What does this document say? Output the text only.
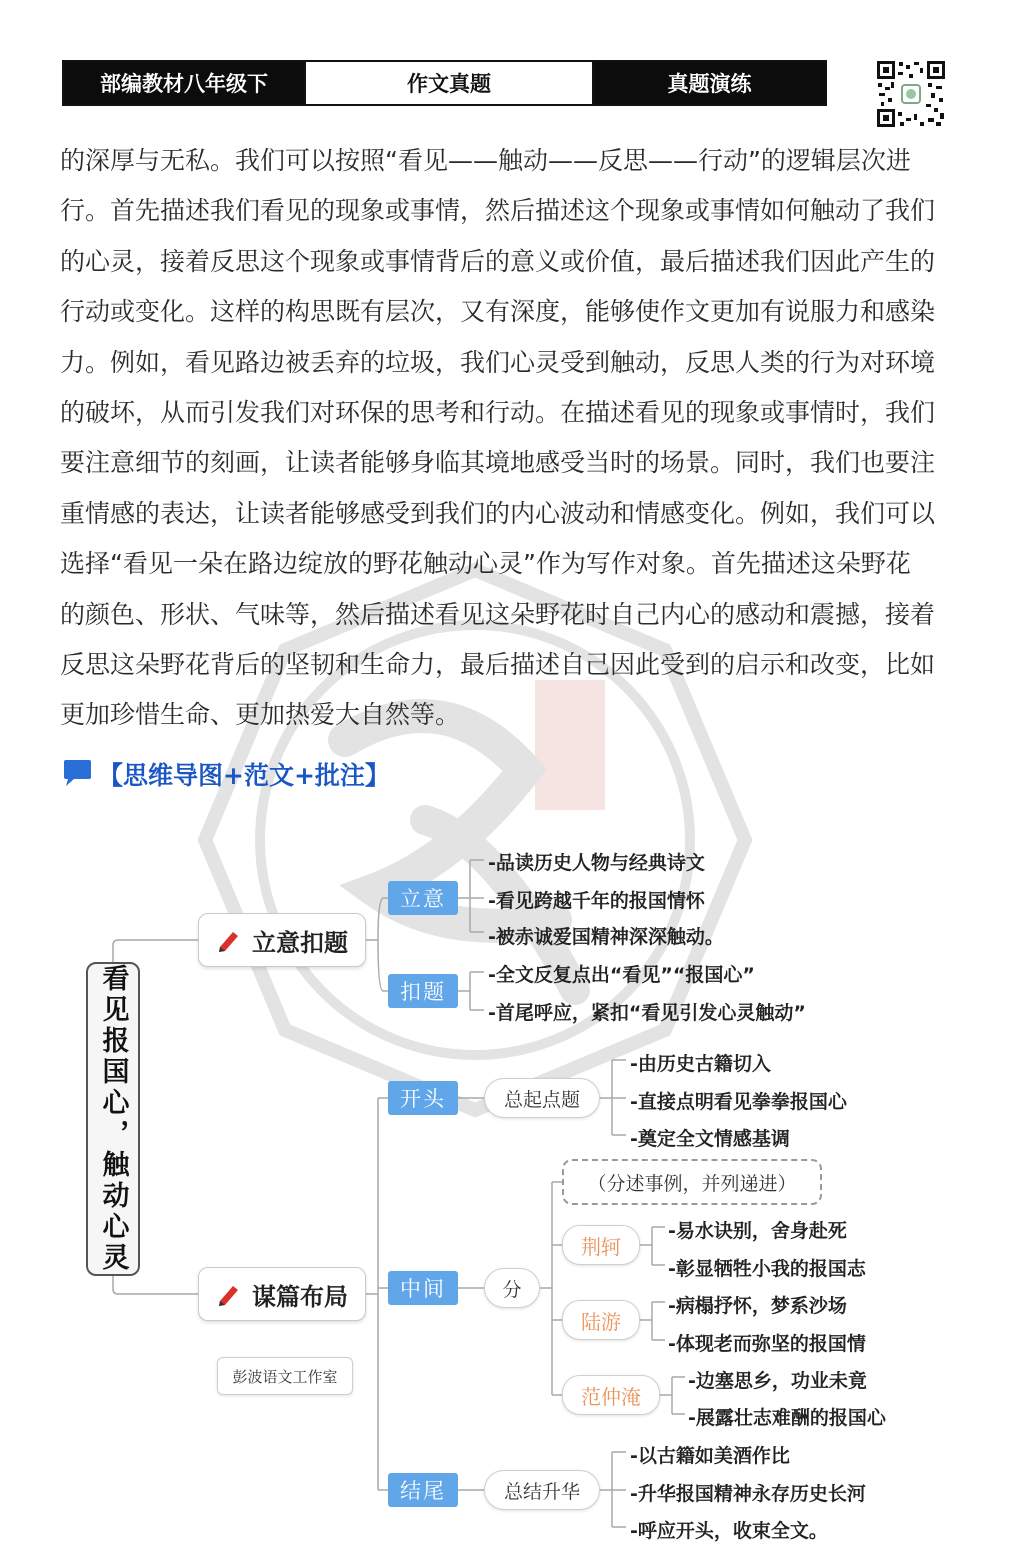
部编教材八年级下	作文真题	真题演练
的深厚与无私。我们可以按照“看见——触动——反思——行动”的逻辑层次进
行。首先描述我们看见的现象或事情，然后描述这个现象或事情如何触动了我们
的心灵，接着反思这个现象或事情背后的意义或价值，最后描述我们因此产生的
行动或变化。这样的构思既有层次，又有深度，能够使作文更加有说服力和感染
力。例如，看见路边被丢弃的垃圾，我们心灵受到触动，反思人类的行为对环境
的破坏，从而引发我们对环保的思考和行动。在描述看见的现象或事情时，我们
要注意细节的刻画，让读者能够身临其境地感受当时的场景。同时，我们也要注
重情感的表达，让读者能够感受到我们的内心波动和情感变化。例如，我们可以
选择“看见一朵在路边绽放的野花触动心灵”作为写作对象。首先描述这朵野花
的颜色、形状、气味等，然后描述看见这朵野花时自己内心的感动和震撼，接着
反思这朵野花背后的坚韧和生命力，最后描述自己因此受到的启示和改变，比如
更加珍惜生命、更加热爱大自然等。
【思维导图+范文+批注】
看见报国心，触动心灵
立意扣题
立意
-品读历史人物与经典诗文
-看见跨越千年的报国情怀
-被赤诚爱国精神深深触动。
扣题
-全文反复点出“看见”“报国心”
-首尾呼应，紧扣“看见引发心灵触动”
谋篇布局
开头	总起点题
-由历史古籍切入
-直接点明看见拳拳报国心
-奠定全文情感基调
中间	分
（分述事例，并列递进）
荆轲
-易水诀别，舍身赴死
-彰显牺牲小我的报国志
陆游
-病榻抒怀，梦系沙场
-体现老而弥坚的报国情
范仲淹
-边塞思乡，功业未竟
-展露壮志难酬的报国心
结尾	总结升华
-以古籍如美酒作比
-升华报国精神永存历史长河
-呼应开头，收束全文。
彭波语文工作室
